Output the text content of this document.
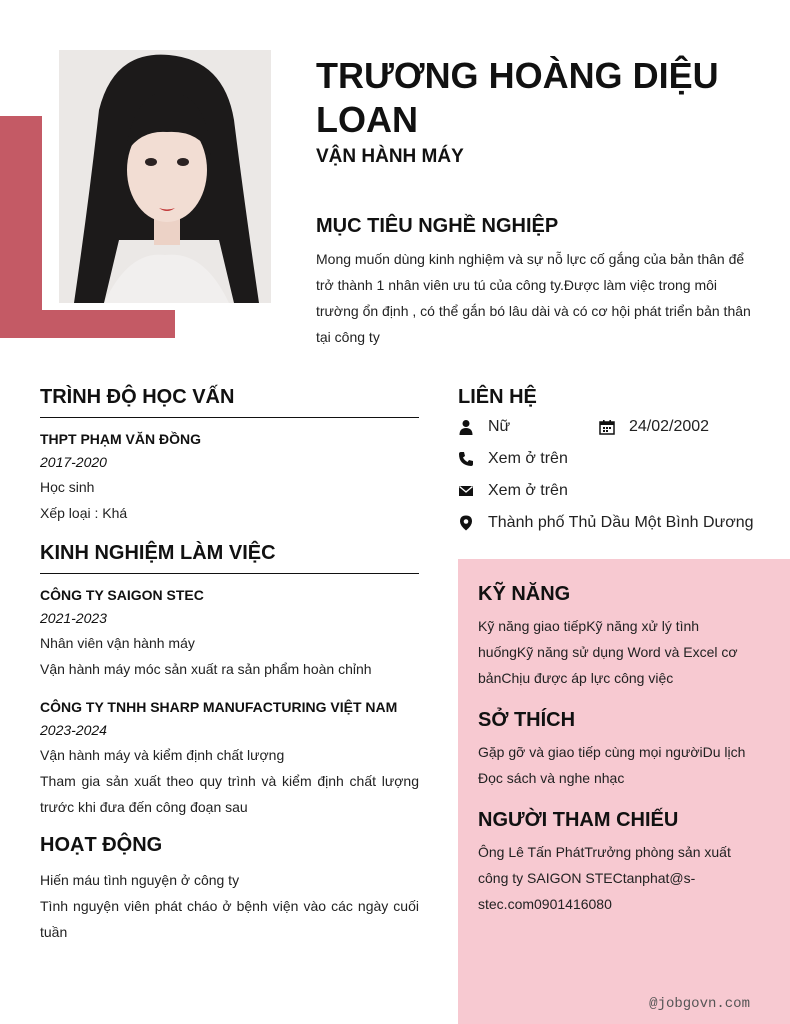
TRƯƠNG HOÀNG DIỆU LOAN
VẬN HÀNH MÁY
MỤC TIÊU NGHỀ NGHIỆP
Mong muốn dùng kinh nghiệm và sự nỗ lực cố gắng của bản thân để trở thành 1 nhân viên ưu tú của công ty.Được làm việc trong môi trường ổn định , có thể gắn bó lâu dài và có cơ hội phát triển bản thân tại công ty
TRÌNH ĐỘ HỌC VẤN
THPT PHẠM VĂN ĐỒNG
2017-2020
Học sinh
Xếp loại : Khá
KINH NGHIỆM LÀM VIỆC
CÔNG TY SAIGON STEC
2021-2023
Nhân viên vận hành máy
Vận hành máy móc sản xuất ra sản phẩm hoàn chỉnh
CÔNG TY TNHH SHARP MANUFACTURING VIỆT NAM
2023-2024
Vận hành máy và kiểm định chất lượng
Tham gia sản xuất theo quy trình và kiểm định chất lượng trước khi đưa đến công đoạn sau
HOẠT ĐỘNG
Hiến máu tình nguyện ở công ty
Tình nguyện viên phát cháo ở bệnh viện vào các ngày cuối tuần
LIÊN HỆ
Nữ	24/02/2002
Xem ở trên
Xem ở trên
Thành phố Thủ Dầu Một Bình Dương
KỸ NĂNG
Kỹ năng giao tiếpKỹ năng xử lý tình huốngKỹ năng sử dụng Word và Excel cơ bảnChịu được áp lực công việc
SỞ THÍCH
Gặp gỡ và giao tiếp cùng mọi ngườiDu lịch Đọc sách và nghe nhạc
NGƯỜI THAM CHIẾU
Ông Lê Tấn PhátTrưởng phòng sản xuất công ty SAIGON STECtanphat@s-stec.com0901416080
@jobgovn.com
